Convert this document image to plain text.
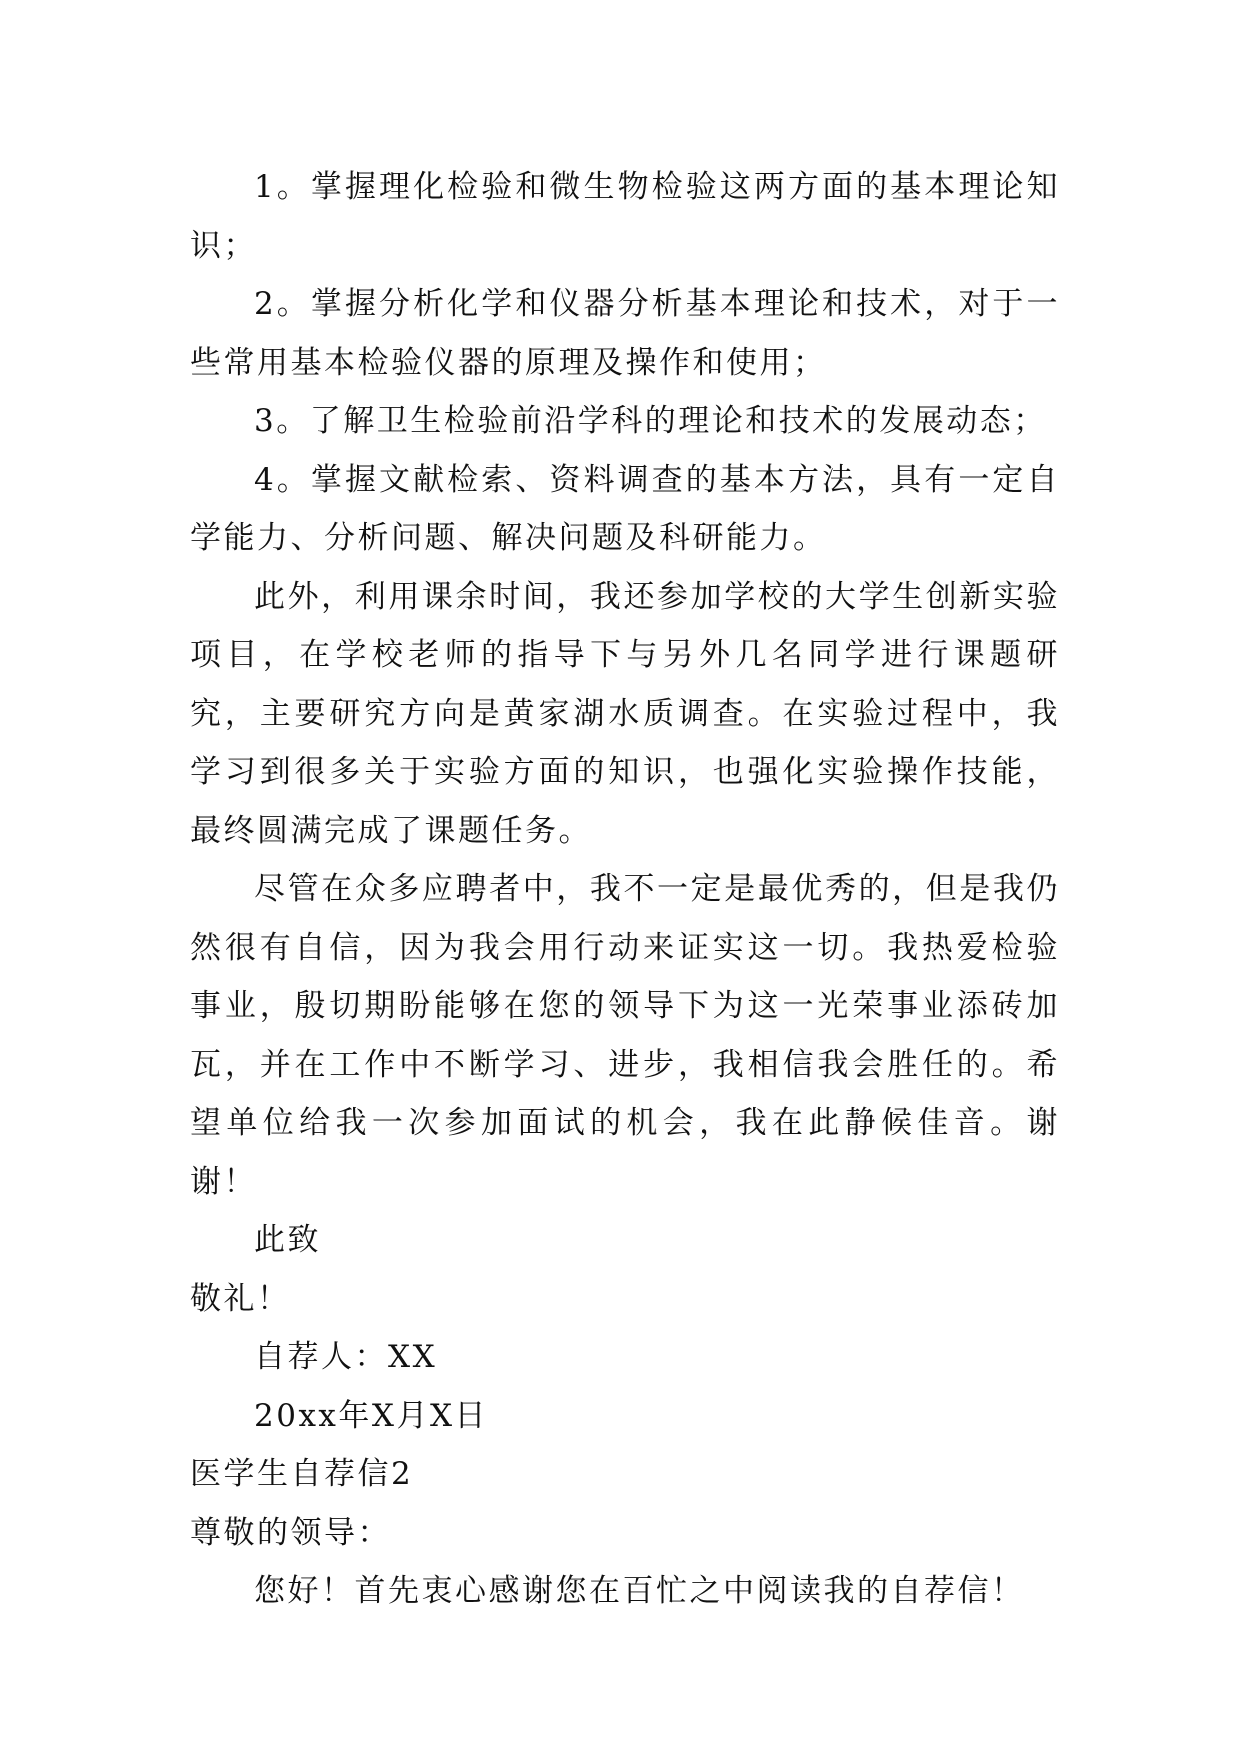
1。掌握理化检验和微生物检验这两方面的基本理论知识；

2。掌握分析化学和仪器分析基本理论和技术，对于一些常用基本检验仪器的原理及操作和使用；

3。了解卫生检验前沿学科的理论和技术的发展动态；

4。掌握文献检索、资料调查的基本方法，具有一定自学能力、分析问题、解决问题及科研能力。

此外，利用课余时间，我还参加学校的大学生创新实验项目，在学校老师的指导下与另外几名同学进行课题研究，主要研究方向是黄家湖水质调查。在实验过程中，我学习到很多关于实验方面的知识，也强化实验操作技能，最终圆满完成了课题任务。

尽管在众多应聘者中，我不一定是最优秀的，但是我仍然很有自信，因为我会用行动来证实这一切。我热爱检验事业，殷切期盼能够在您的领导下为这一光荣事业添砖加瓦，并在工作中不断学习、进步，我相信我会胜任的。希望单位给我一次参加面试的机会，我在此静候佳音。谢谢！

此致

敬礼！

自荐人：XX

20xx年X月X日

医学生自荐信2

尊敬的领导：

您好！首先衷心感谢您在百忙之中阅读我的自荐信！
